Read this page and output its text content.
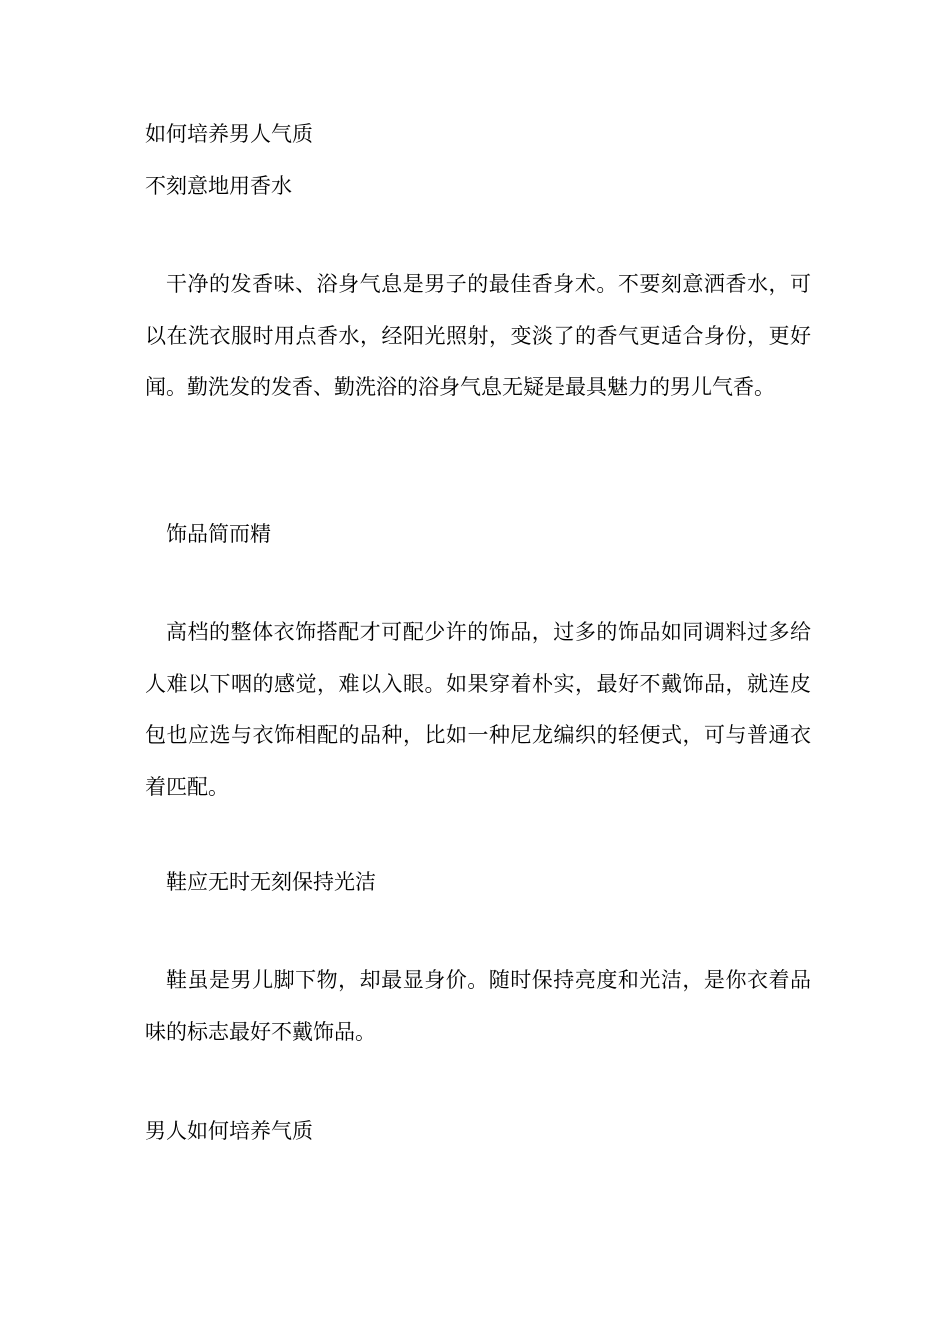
如何培养男人气质

不刻意地用香水

干净的发香味、浴身气息是男子的最佳香身术。不要刻意洒香水，可以在洗衣服时用点香水，经阳光照射，变淡了的香气更适合身份，更好闻。勤洗发的发香、勤洗浴的浴身气息无疑是最具魅力的男儿气香。

饰品简而精

高档的整体衣饰搭配才可配少许的饰品，过多的饰品如同调料过多给人难以下咽的感觉，难以入眼。如果穿着朴实，最好不戴饰品，就连皮包也应选与衣饰相配的品种，比如一种尼龙编织的轻便式，可与普通衣着匹配。

鞋应无时无刻保持光洁

鞋虽是男儿脚下物，却最显身价。随时保持亮度和光洁，是你衣着品味的标志最好不戴饰品。

男人如何培养气质
